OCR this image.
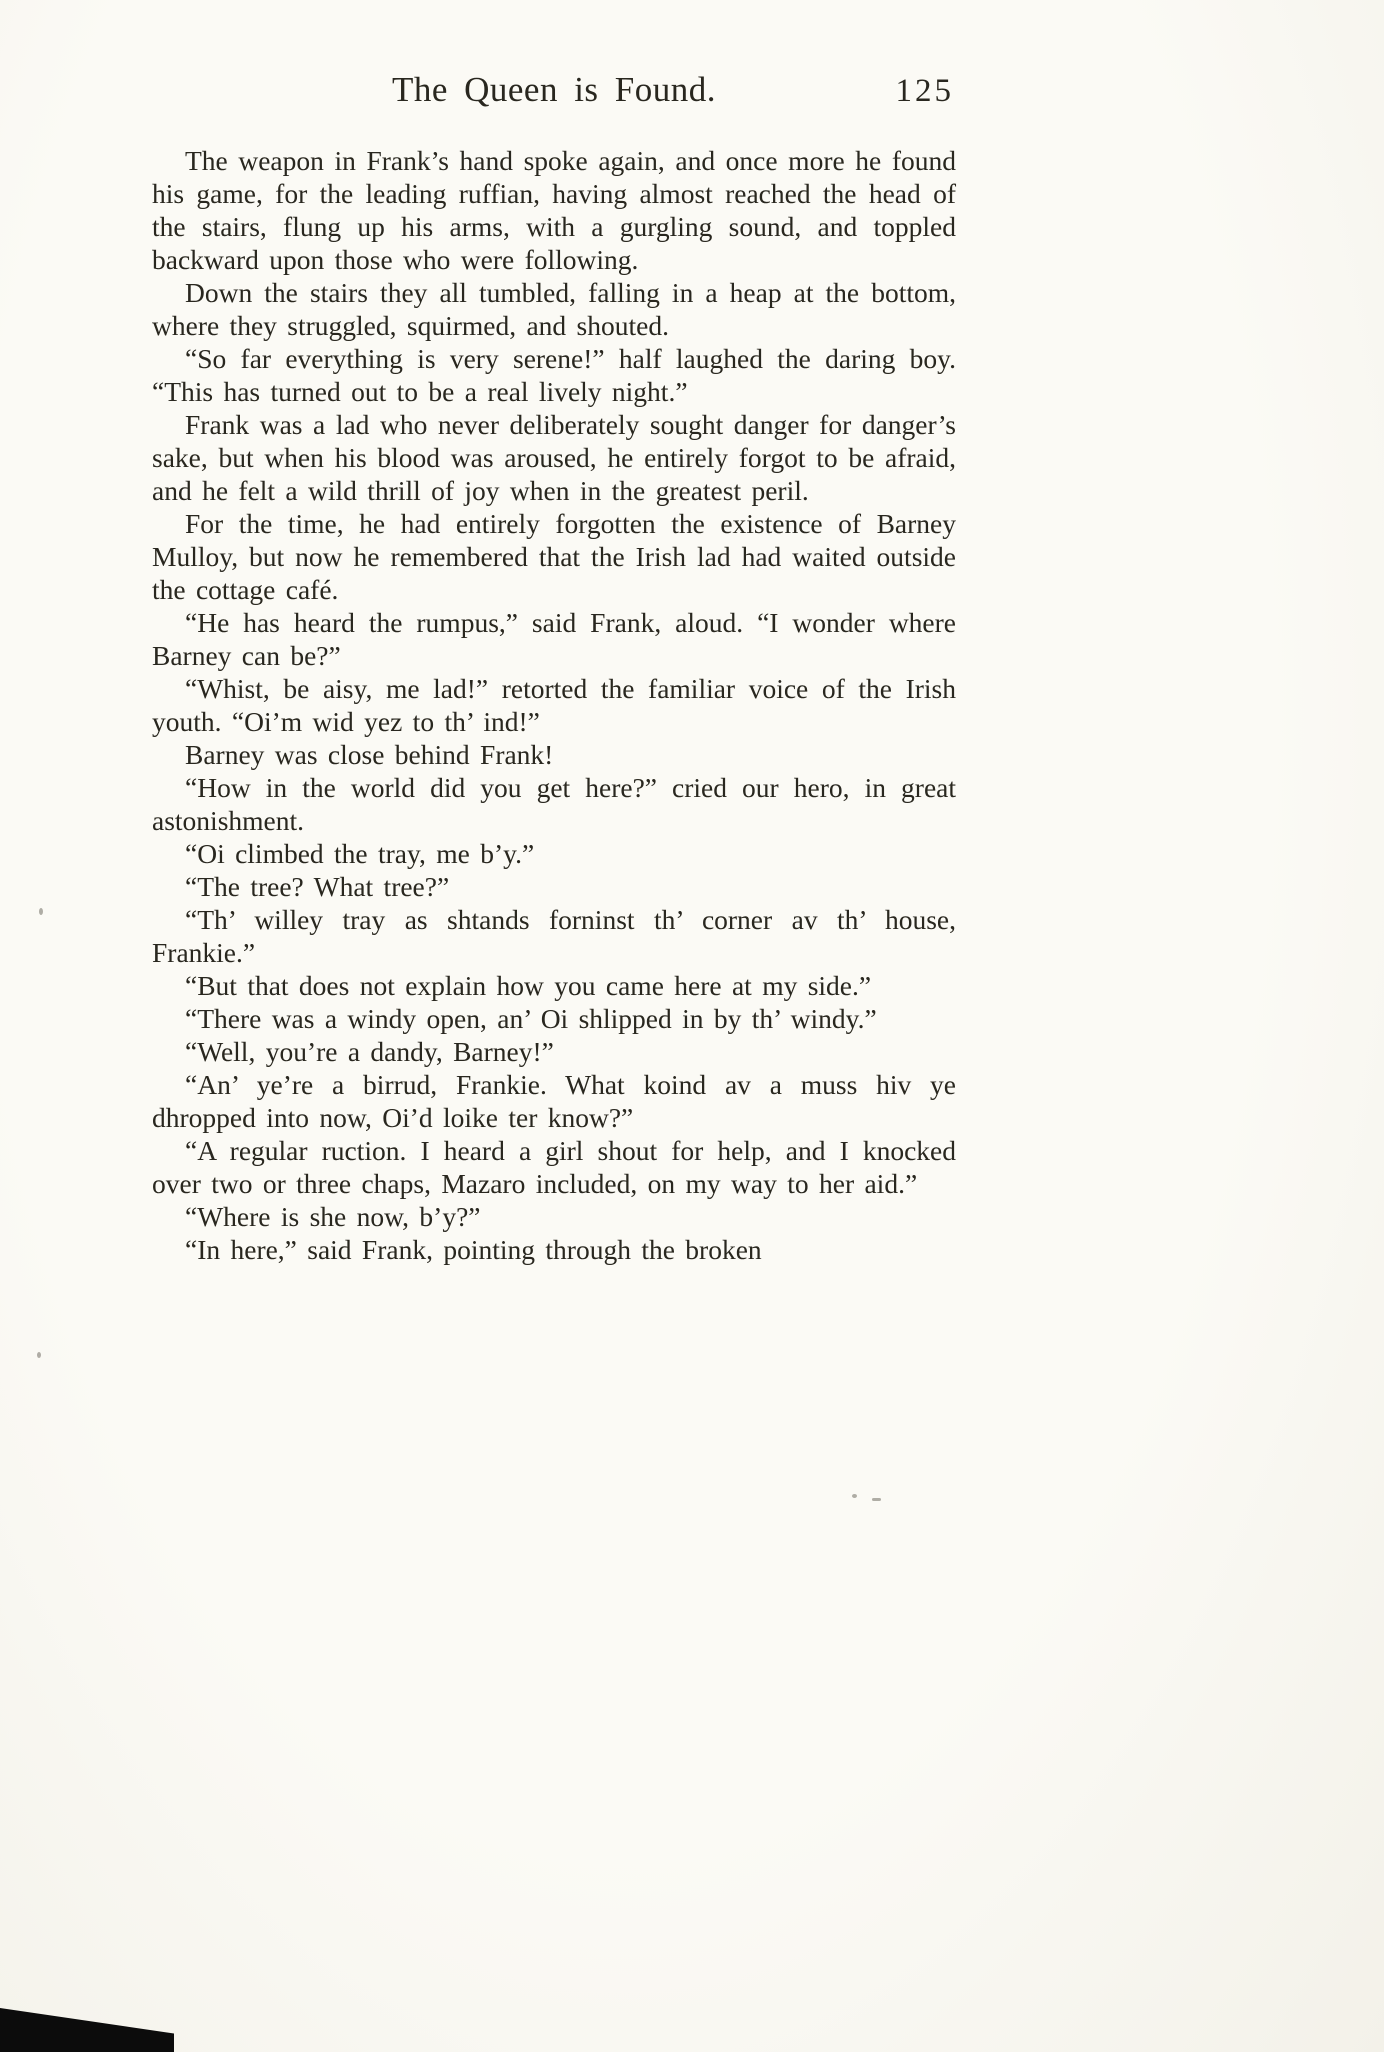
The Queen is Found.	125

The weapon in Frank’s hand spoke again, and once more he found his game, for the leading ruffian, having almost reached the head of the stairs, flung up his arms, with a gurgling sound, and toppled backward upon those who were following.

Down the stairs they all tumbled, falling in a heap at the bottom, where they struggled, squirmed, and shouted.

“So far everything is very serene!” half laughed the daring boy. “This has turned out to be a real lively night.”

Frank was a lad who never deliberately sought danger for danger’s sake, but when his blood was aroused, he entirely forgot to be afraid, and he felt a wild thrill of joy when in the greatest peril.

For the time, he had entirely forgotten the existence of Barney Mulloy, but now he remembered that the Irish lad had waited outside the cottage café.

“He has heard the rumpus,” said Frank, aloud. “I wonder where Barney can be?”

“Whist, be aisy, me lad!” retorted the familiar voice of the Irish youth. “Oi’m wid yez to th’ ind!”

Barney was close behind Frank!

“How in the world did you get here?” cried our hero, in great astonishment.

“Oi climbed the tray, me b’y.”

“The tree? What tree?”

“Th’ willey tray as shtands forninst th’ corner av th’ house, Frankie.”

“But that does not explain how you came here at my side.”

“There was a windy open, an’ Oi shlipped in by th’ windy.”

“Well, you’re a dandy, Barney!”

“An’ ye’re a birrud, Frankie. What koind av a muss hiv ye dhropped into now, Oi’d loike ter know?”

“A regular ruction. I heard a girl shout for help, and I knocked over two or three chaps, Mazaro included, on my way to her aid.”

“Where is she now, b’y?”

“In here,” said Frank, pointing through the broken
